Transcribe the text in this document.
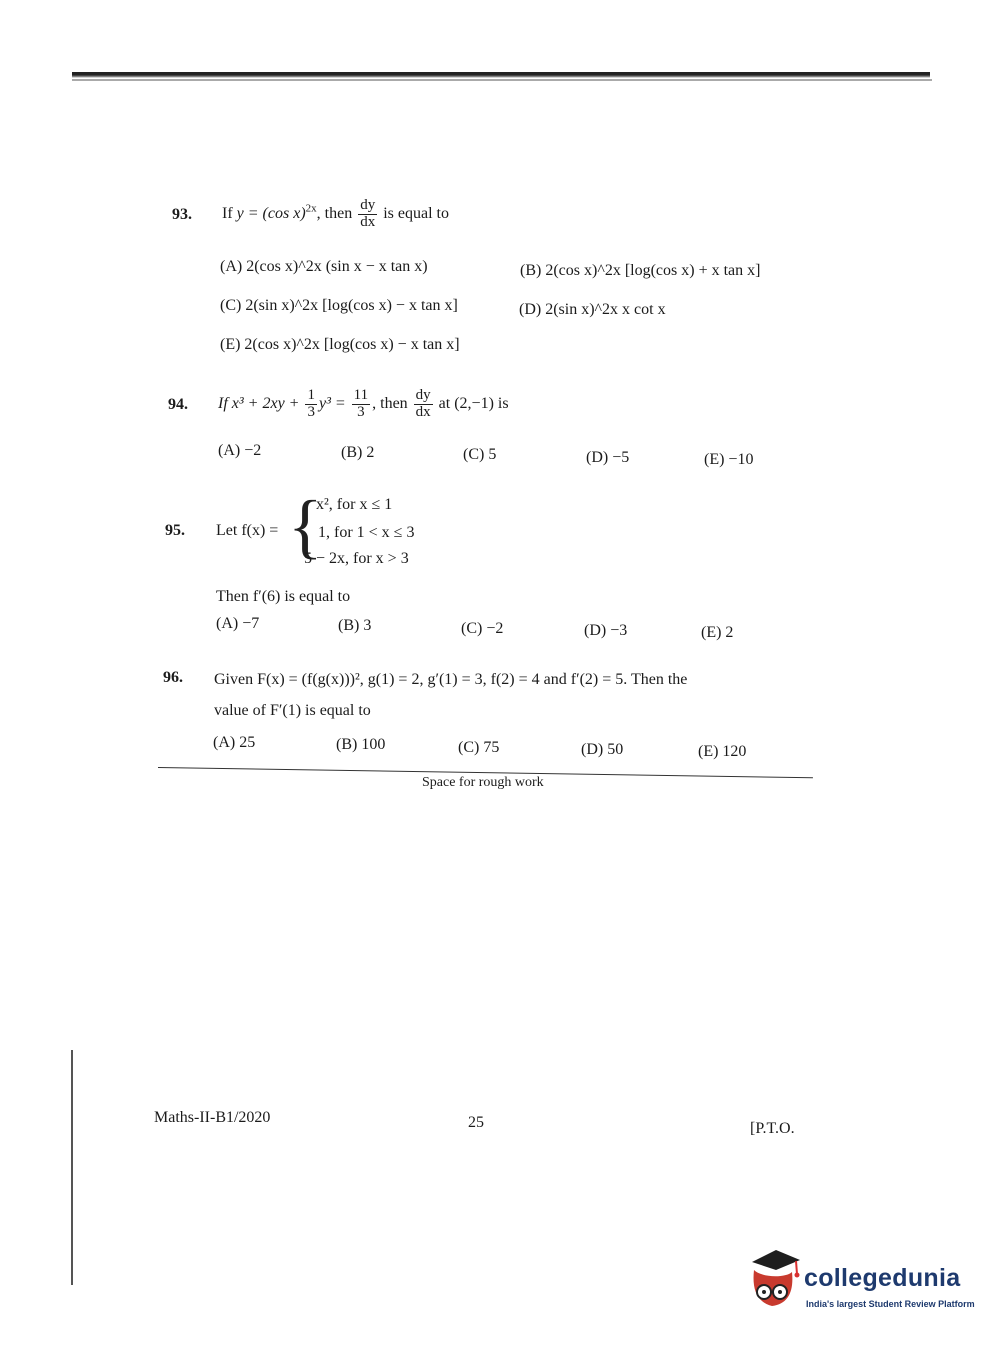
93. If y = (cos x)$^{2x}$, then $\frac{dy}{dx}$ is equal to
(A) 2(cos x)^2x (sin x − x tan x)	(B) 2(cos x)^2x [log(cos x) + x tan x]
(C) 2(sin x)^2x [log(cos x) − x tan x]	(D) 2(sin x)^2x x cot x
(E) 2(cos x)^2x [log(cos x) − x tan x]
94. If $x^3 + 2xy + \frac{1}{3} y^3 = \frac{11}{3}$ , then $\frac{dy}{dx}$ at (2,−1) is
(A) −2	(B) 2	(C) 5	(D) −5	(E) −10
95. Let f(x) = {
x², for x ≤ 1
1, for 1 < x ≤ 3
5 − 2x, for x > 3
Then f′(6) is equal to
(A) −7	(B) 3	(C) −2	(D) −3	(E) 2
96. Given F(x) = (f(g(x)))², g(1) = 2, g′(1) = 3, f(2) = 4 and f′(2) = 5. Then the
value of F′(1) is equal to
(A) 25	(B) 100	(C) 75	(D) 50	(E) 120
Space for rough work
Maths-II-B1/2020	25	[P.T.O.
collegedunia
India's largest Student Review Platform
